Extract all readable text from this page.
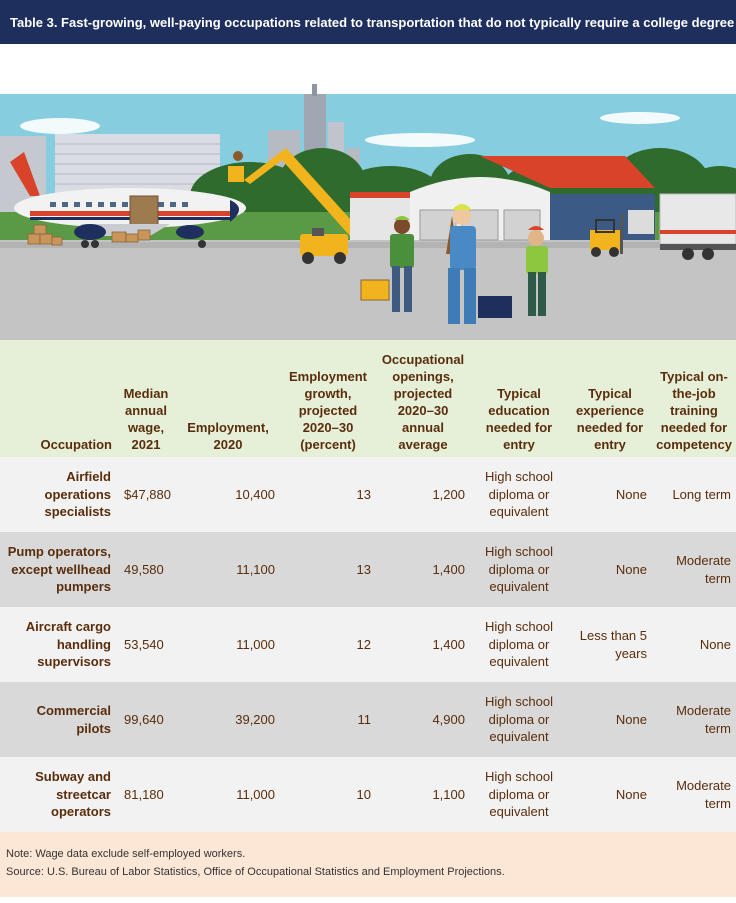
Table 3. Fast-growing, well-paying occupations related to transportation that do not typically require a college degree
Occupation	Median annual wage, 2021	Employment, 2020	Employment growth, projected 2020–30 (percent)	Occupational openings, projected 2020–30 annual average	Typical education needed for entry	Typical experience needed for entry	Typical on-the-job training needed for competency
Airfield operations specialists	$47,880	10,400	13	1,200	High school diploma or equivalent	None	Long term
Pump operators, except wellhead pumpers	49,580	11,100	13	1,400	High school diploma or equivalent	None	Moderate term
Aircraft cargo handling supervisors	53,540	11,000	12	1,400	High school diploma or equivalent	Less than 5 years	None
Commercial pilots	99,640	39,200	11	4,900	High school diploma or equivalent	None	Moderate term
Subway and streetcar operators	81,180	11,000	10	1,100	High school diploma or equivalent	None	Moderate term
Note: Wage data exclude self-employed workers.
Source: U.S. Bureau of Labor Statistics, Office of Occupational Statistics and Employment Projections.
